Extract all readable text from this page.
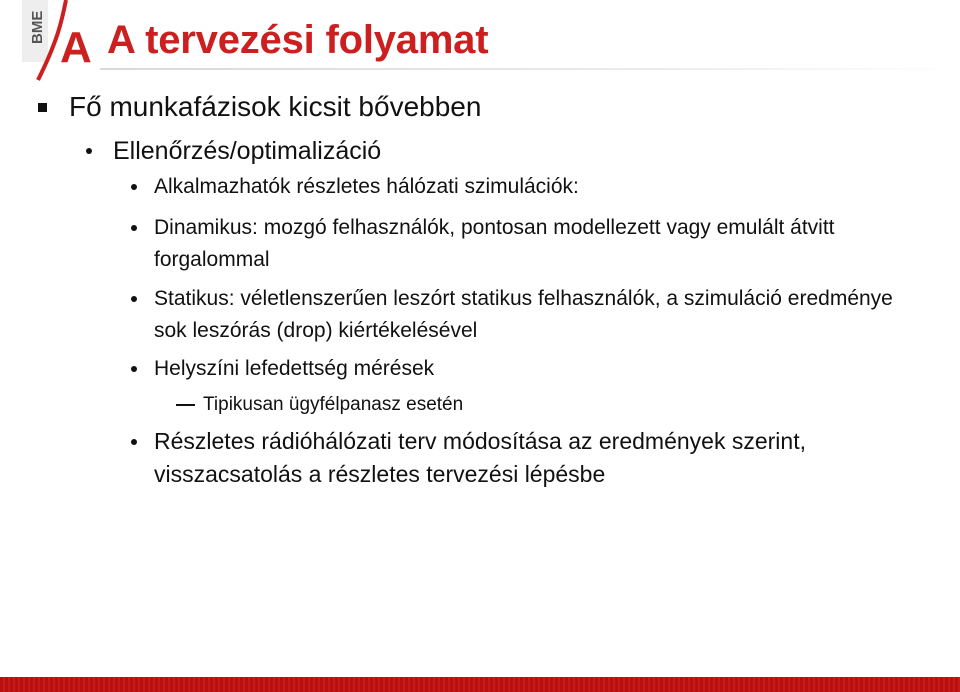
BME A A tervezési folyamat
Fő munkafázisok kicsit bővebben
Ellenőrzés/optimalizáció
Alkalmazhatók részletes hálózati szimulációk:
Dinamikus: mozgó felhasználók, pontosan modellezett vagy emulált átvitt forgalommal
Statikus: véletlenszerűen leszórt statikus felhasználók, a szimuláció eredménye sok leszórás (drop) kiértékelésével
Helyszíni lefedettség mérések
Tipikusan ügyfélpanasz esetén
Részletes rádióhálózati terv módosítása az eredmények szerint, visszacsatolás a részletes tervezési lépésbe
